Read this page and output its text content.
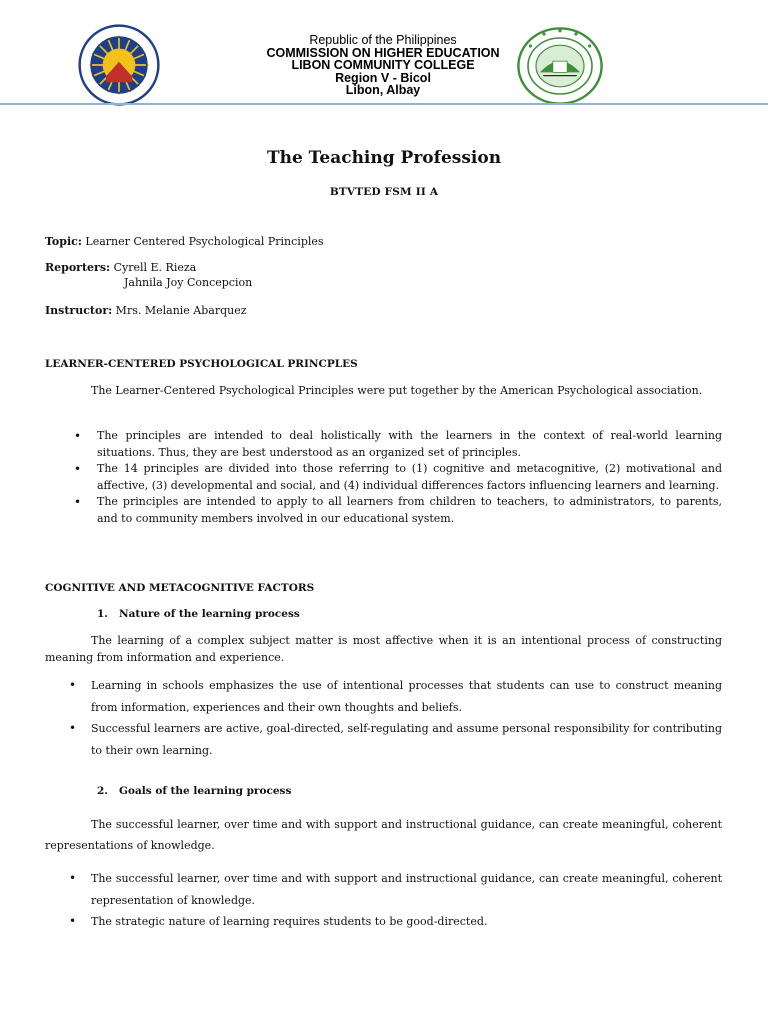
Republic of the Philippines
COMMISSION ON HIGHER EDUCATION
LIBON COMMUNITY COLLEGE
Region V - Bicol
Libon, Albay
The Teaching Profession
BTVTED FSM II A
Topic: Learner Centered Psychological Principles
Reporters: Cyrell E. Rieza
Jahnila Joy Concepcion
Instructor: Mrs. Melanie Abarquez
LEARNER-CENTERED PSYCHOLOGICAL PRINCPLES
The Learner-Centered Psychological Principles were put together by the American Psychological association.
• The principles are intended to deal holistically with the learners in the context of real-world learning situations. Thus, they are best understood as an organized set of principles.
• The 14 principles are divided into those referring to (1) cognitive and metacognitive, (2) motivational and affective, (3) developmental and social, and (4) individual differences factors influencing learners and learning.
• The principles are intended to apply to all learners from children to teachers, to administrators, to parents, and to community members involved in our educational system.
COGNITIVE AND METACOGNITIVE FACTORS
1. Nature of the learning process
The learning of a complex subject matter is most affective when it is an intentional process of constructing meaning from information and experience.
• Learning in schools emphasizes the use of intentional processes that students can use to construct meaning from information, experiences and their own thoughts and beliefs.
• Successful learners are active, goal-directed, self-regulating and assume personal responsibility for contributing to their own learning.
2. Goals of the learning process
The successful learner, over time and with support and instructional guidance, can create meaningful, coherent representations of knowledge.
• The successful learner, over time and with support and instructional guidance, can create meaningful, coherent representation of knowledge.
• The strategic nature of learning requires students to be good-directed.
